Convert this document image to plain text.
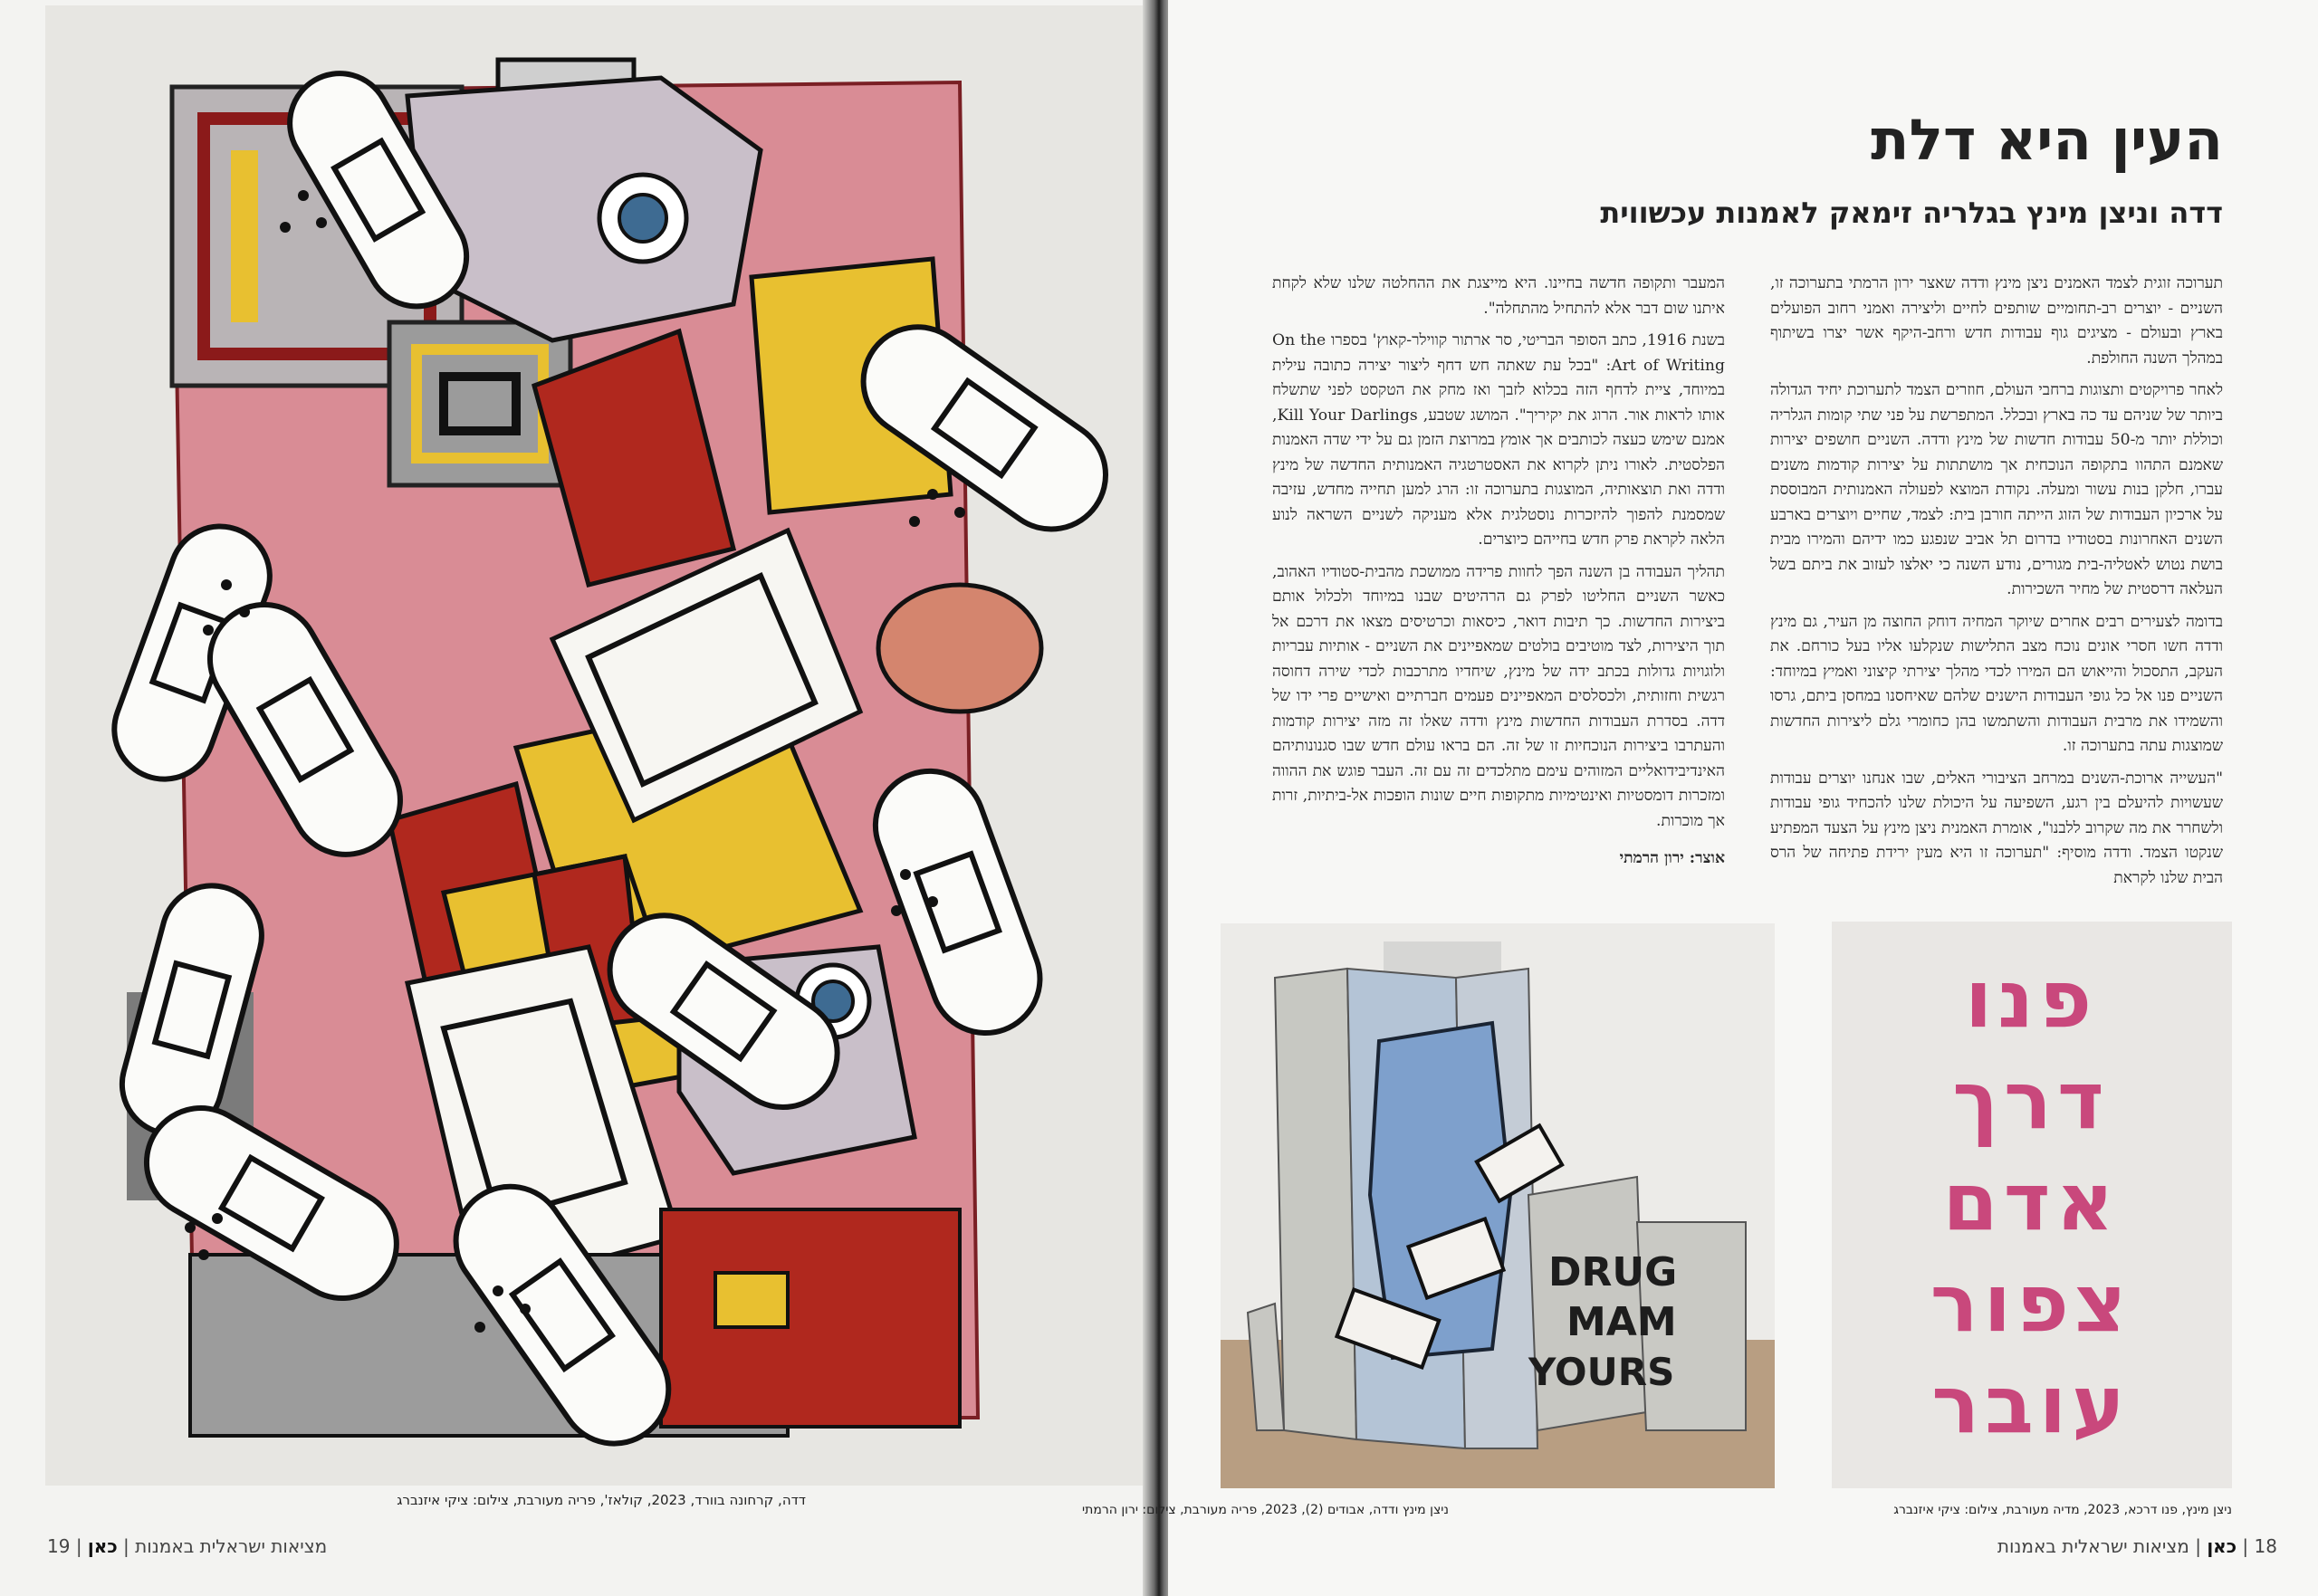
דדה, קרחונה בוורד, 2023, קולאז', פריה מעורבת, צילום: ציקי איזנברג
19 |	מציאות ישראלית באמנות | כאן
העין היא דלת
דדה וניצן מינץ בגלריה זימאק לאמנות עכשווית

תערוכה זוגית לצמד האמנים ניצן מינץ ודדה שאצר ירון הרמתי בתערוכה זו, השניים - יוצרים רב-תחומיים שותפים לחיים וליצירה ואמני רחוב הפועלים בארץ ובעולם - מציגים גוף עבודות חדש ורחב-היקף אשר יצרו בשיתוף במהלך השנה החולפת.

לאחר פרויקטים ותצוגות ברחבי העולם, חוזרים הצמד לתערוכת יחיד הגדולה ביותר של שניהם עד כה בארץ ובכלל. המתפרשת על פני שתי קומות הגלריה וכוללת יותר מ-50 עבודות חדשות של מינץ ודדה. השניים חושפים יצירות שאמנם התהוו בתקופה הנוכחית אך מושתתות על יצירות קודמות משנים עברו, חלקן בנות עשור ומעלה. נקודת המוצא לפעולה האמנותית המבוססת על ארכיון העבודות של הזוג הייתה חורבן בית: לצמד, שחיים ויוצרים בארבע השנים האחרונות בסטודיו בדרום תל אביב שנפגע כמו ידיהם והמירו מבית בושת נטוש לאטליה-בית מגורים, נודע השנה כי יאלצו לעזוב את ביתם בשל העלאה דרסטית של מחיר השכירות.

בדומה לצעירים רבים אחרים שיוקר המחיה דוחק החוצה מן העיר, גם מינץ ודדה חשו חסרי אונים נוכח מצב התלישות שנקלעו אליו בעל כורחם. את העקב, התסכול והייאוש הם המירו לכדי מהלך יצירתי קיצוני ואמיץ במיוחד: השניים פנו אל כל גופי העבודות הישנים שלהם שאיחסנו במחסן ביתם, גרסו והשמידו את מרבית העבודות והשתמשו בהן כחומרי גלם ליצירות החדשות שמוצגות עתה בתערוכה זו.

"העשייה ארוכת-השנים במרחב הציבורי האלים, שבו אנחנו יוצרים עבודות שעשויות להיעלם בין רגע, השפיעה על היכולת שלנו להכחיד גופי עבודות ולשחרר את מה שקרוב ללבנו", אומרת האמנית ניצן מינץ על הצעד המפתיע שנקטו הצמד. ודדה מוסיף: "תערוכה זו היא מעין ירידת פתיחה של הרס הבית שלנו לקראת

המעבר ותקופה חדשה בחיינו. היא מייצגת את ההחלטה שלנו שלא לקחת איתנו שום דבר אלא להתחיל מהתחלה".

בשנת 1916, כתב הסופר הבריטי, סר ארתור קווילר-קאוץ' בספרו On the Art of Writing: "בכל עת שאתה חש דחף ליצור יצירה כתובה עילית במיוחד, ציית לדחף הזה בכלוא לזבך ואז מחק את הטקסט לפני שתשלח אותו לראות אור. הרוג את יקיריך". המושג שטבע, Kill Your Darlings, אמנם שימש כעצה לכותבים אך אומץ במרוצת הזמן גם על ידי שדה האמנות הפלסטית. לאורו ניתן לקרוא את האסטרטגיה האמנותית החדשה של מינץ ודדה ואת תוצאותיה, המוצגות בתערוכה זו: הרג למען תחייה מחדש, עזיבה שמסמנת להפוך להיזכרות נוסטלגית אלא מעניקה לשניים השראה לנוע הלאה לקראת פרק חדש בחייהם כיוצרים.

תהליך העבודה בן השנה הפך לחוות פרידה ממושכת מהבית-סטודיו האהוב, כאשר השניים החליטו לפרק גם הרהיטים שבנו במיוחד ולכלול אותם ביצירות החדשות. כך תיבות דואר, כיסאות וכרטיסים מצאו את דרכם אל תוך היצירות, לצד מוטיבים בולטים שמאפיינים את השניים - אותיות עבריות ולוגויות גדולות בכתב ידה של מינץ, שיחדיו מתרכבות לכדי שירה דחוסה רגשית וחזותית, ולכסלסים המאפיינים פעמים חברתיים ואישיים פרי ידו של דדה. בסדרת העבודות החדשות מינץ ודדה שאלו זה מזה יצירות קודמות והעתרבו ביצירות הנוכחיות זו של זה. הם בראו עולם חדש שבו סגנונותיהם האינדיבידואליים המזוהים עימם מתלכדים זה עם זה. העבר פוגש את ההווה ומזכרות דומסטיות ואינטימיות מתקופות חיים שונות הופכות אל-ביתיות, זרות אך מוכרות.

אוצר: ירון הרמתי

DRUG
MAM
YOURS
פנו
דרך
אדם
צפור
עובר
ניצן מינץ ודדה, אבודים (2), 2023, פריה מעורבת, צילום: ירון הרמתי	ניצן מינץ, פנו דרכא, 2023, מדיה מעורבת, צילום: ציקי איזנברג
18 | כאן | מציאות ישראלית באמנות
